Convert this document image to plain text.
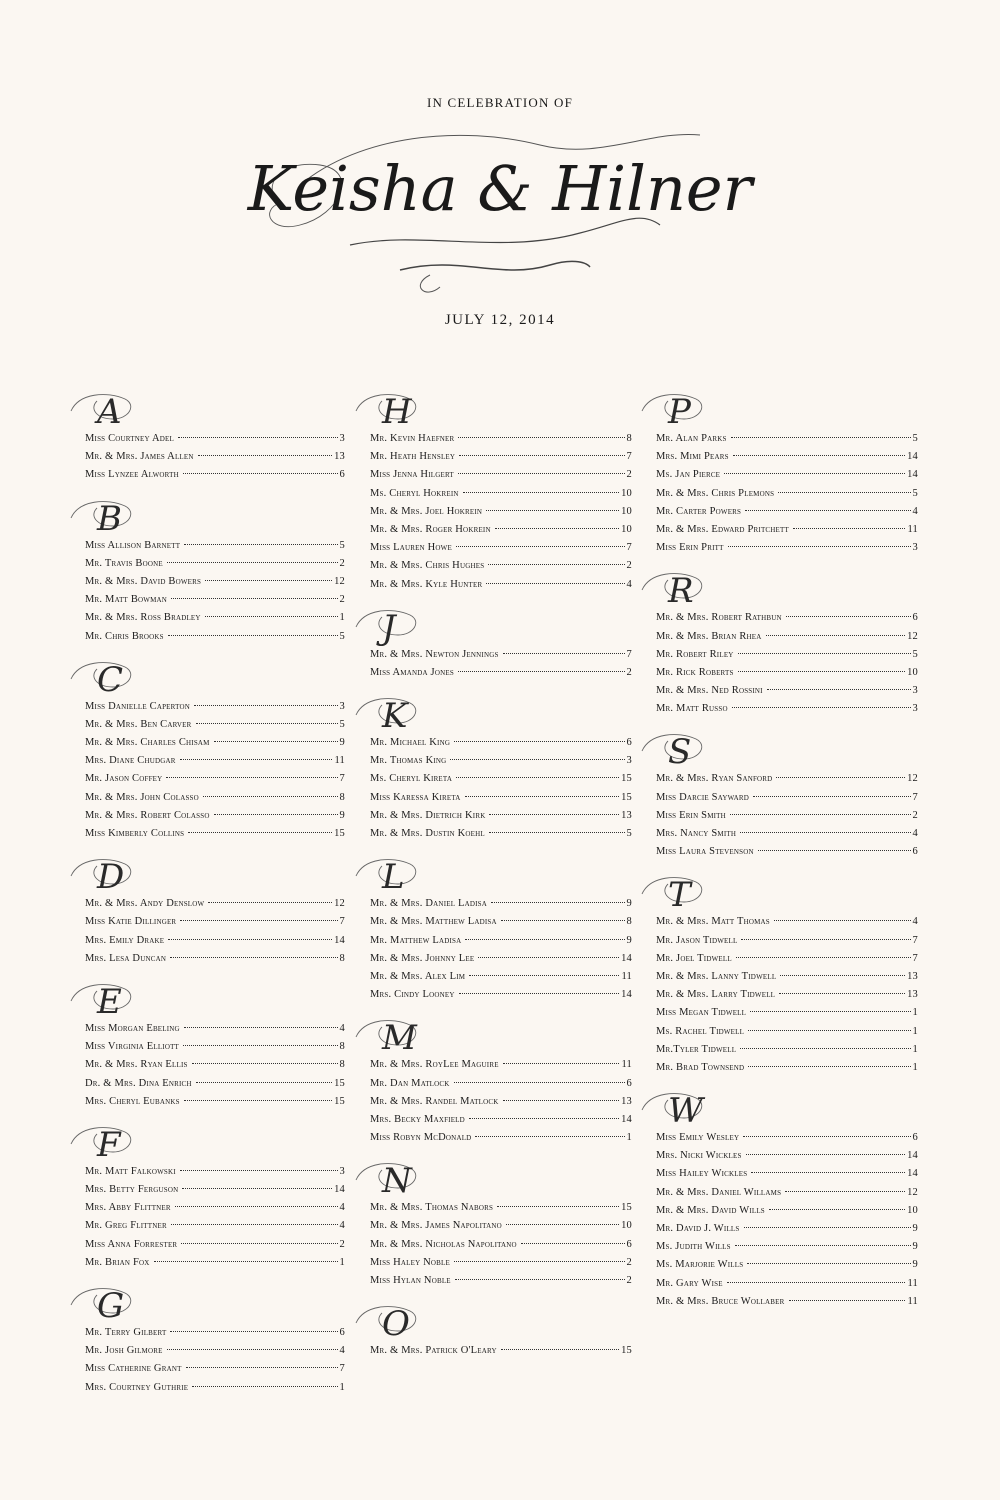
IN CELEBRATION OF
Keisha & Hilner
JULY 12, 2014
A
Miss Courtney Adel	3
Mr. & Mrs. James Allen	13
Miss Lynzee Alworth	6
B
Miss Allison Barnett	5
Mr. Travis Boone	2
Mr. & Mrs. David Bowers	12
Mr. Matt Bowman	2
Mr. & Mrs. Ross Bradley	1
Mr. Chris Brooks	5
C
Miss Danielle Caperton	3
Mr. & Mrs. Ben Carver	5
Mr. & Mrs. Charles Chisam	9
Mrs. Diane Chudgar	11
Mr. Jason Coffey	7
Mr. & Mrs. John Colasso	8
Mr. & Mrs. Robert Colasso	9
Miss Kimberly Collins	15
D
Mr. & Mrs. Andy Denslow	12
Miss Katie Dillinger	7
Mrs. Emily Drake	14
Mrs. Lesa Duncan	8
E
Miss Morgan Ebeling	4
Miss Virginia Elliott	8
Mr. & Mrs. Ryan Ellis	8
Dr. & Mrs. Dina Enrich	15
Mrs. Cheryl Eubanks	15
F
Mr. Matt Falkowski	3
Mrs. Betty Ferguson	14
Mrs. Abby Flittner	4
Mr. Greg Flittner	4
Miss Anna Forrester	2
Mr. Brian Fox	1
G
Mr. Terry Gilbert	6
Mr. Josh Gilmore	4
Miss Catherine Grant	7
Mrs. Courtney Guthrie	1
H
Mr. Kevin Haefner	8
Mr. Heath Hensley	7
Miss Jenna Hilgert	2
Ms. Cheryl Hokrein	10
Mr. & Mrs. Joel Hokrein	10
Mr. & Mrs. Roger Hokrein	10
Miss Lauren Howe	7
Mr. & Mrs. Chris Hughes	2
Mr. & Mrs. Kyle Hunter	4
J
Mr. & Mrs. Newton Jennings	7
Miss Amanda Jones	2
K
Mr. Michael King	6
Mr. Thomas King	3
Ms. Cheryl Kireta	15
Miss Karessa Kireta	15
Mr. & Mrs. Dietrich Kirk	13
Mr. & Mrs. Dustin Koehl	5
L
Mr. & Mrs. Daniel Ladisa	9
Mr. & Mrs. Matthew Ladisa	8
Mr. Matthew Ladisa	9
Mr. & Mrs. Johnny Lee	14
Mr. & Mrs. Alex Lim	11
Mrs. Cindy Looney	14
M
Mr. & Mrs. RoyLee Maguire	11
Mr. Dan Matlock	6
Mr. & Mrs. Randel Matlock	13
Mrs. Becky Maxfield	14
Miss Robyn McDonald	1
N
Mr. & Mrs. Thomas Nabors	15
Mr. & Mrs. James Napolitano	10
Mr. & Mrs. Nicholas Napolitano	6
Miss Haley Noble	2
Miss Hylan Noble	2
O
Mr. & Mrs. Patrick O'Leary	15
P
Mr. Alan Parks	5
Mrs. Mimi Pears	14
Ms. Jan Pierce	14
Mr. & Mrs. Chris Plemons	5
Mr. Carter Powers	4
Mr. & Mrs. Edward Pritchett	11
Miss Erin Pritt	3
R
Mr. & Mrs. Robert Rathbun	6
Mr. & Mrs. Brian Rhea	12
Mr. Robert Riley	5
Mr. Rick Roberts	10
Mr. & Mrs. Ned Rossini	3
Mr. Matt Russo	3
S
Mr. & Mrs. Ryan Sanford	12
Miss Darcie Sayward	7
Miss Erin Smith	2
Mrs. Nancy Smith	4
Miss Laura Stevenson	6
T
Mr. & Mrs. Matt Thomas	4
Mr. Jason Tidwell	7
Mr. Joel Tidwell	7
Mr. & Mrs. Lanny Tidwell	13
Mr. & Mrs. Larry Tidwell	13
Miss Megan Tidwell	1
Ms. Rachel Tidwell	1
Mr.Tyler Tidwell	1
Mr. Brad Townsend	1
W
Miss Emily Wesley	6
Mrs. Nicki Wickles	14
Miss Hailey Wickles	14
Mr. & Mrs. Daniel Willams	12
Mr. & Mrs. David Wills	10
Mr. David J. Wills	9
Ms. Judith Wills	9
Ms. Marjorie Wills	9
Mr. Gary Wise	11
Mr. & Mrs. Bruce Wollaber	11
